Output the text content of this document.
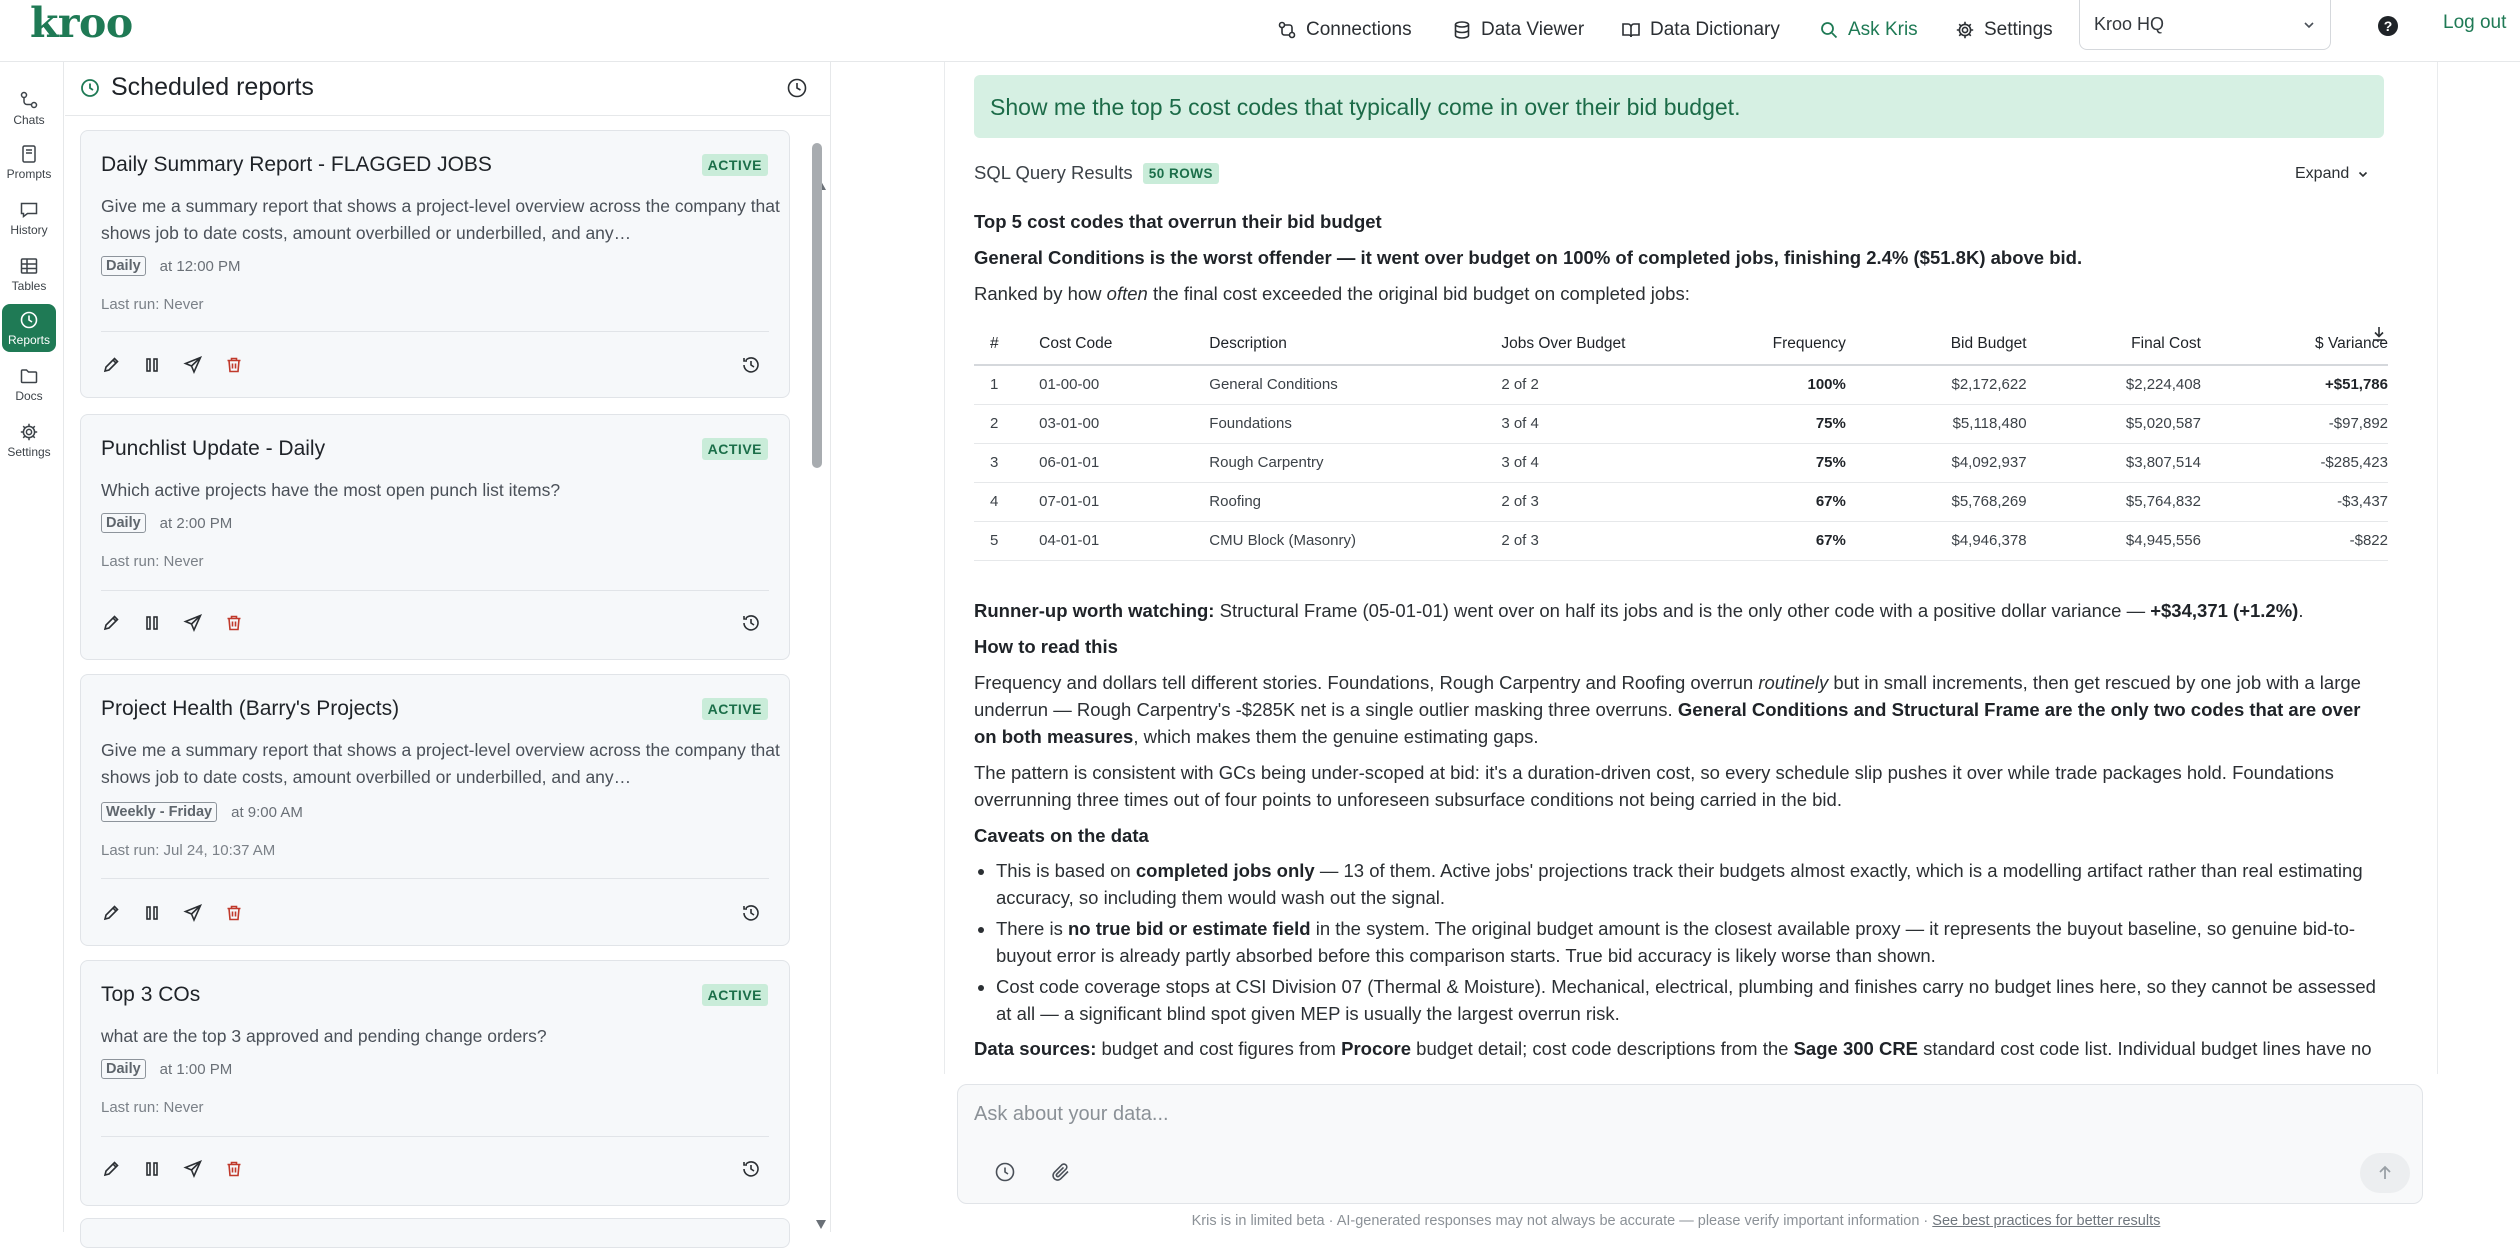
kroo	Connections	Data Viewer	Data Dictionary	Ask Kris	Settings Kroo HQ	?	Log out
Chats
Prompts
History
Tables
Reports
Docs
Settings
Scheduled reports
Daily Summary Report - FLAGGED JOBS	ACTIVE
Give me a summary report that shows a project-level overview across the company that shows job to date costs, amount overbilled or underbilled, and any…
Daily	at 12:00 PM
Last run: Never
Punchlist Update - Daily	ACTIVE
Which active projects have the most open punch list items?
Daily	at 2:00 PM
Last run: Never
Project Health (Barry's Projects)	ACTIVE
Give me a summary report that shows a project-level overview across the company that shows job to date costs, amount overbilled or underbilled, and any…
Weekly - Friday	at 9:00 AM
Last run: Jul 24, 10:37 AM
Top 3 COs	ACTIVE
what are the top 3 approved and pending change orders?
Daily	at 1:00 PM
Last run: Never
Show me the top 5 cost codes that typically come in over their bid budget.
SQL Query Results	50 ROWS	Expand
Top 5 cost codes that overrun their bid budget
General Conditions is the worst offender — it went over budget on 100% of completed jobs, finishing 2.4% ($51.8K) above bid.
Ranked by how often the final cost exceeded the original bid budget on completed jobs:
#	Cost Code	Description	Jobs Over Budget	Frequency	Bid Budget	Final Cost	$ Variance

1	01-00-00	General Conditions	2 of 2	100%	$2,172,622	$2,224,408	+$51,786
2	03-01-00	Foundations	3 of 4	75%	$5,118,480	$5,020,587	-$97,892
3	06-01-01	Rough Carpentry	3 of 4	75%	$4,092,937	$3,807,514	-$285,423
4	07-01-01	Roofing	2 of 3	67%	$5,768,269	$5,764,832	-$3,437
5	04-01-01	CMU Block (Masonry)	2 of 3	67%	$4,946,378	$4,945,556	-$822
Runner-up worth watching: Structural Frame (05-01-01) went over on half its jobs and is the only other code with a positive dollar variance — +$34,371 (+1.2%).
How to read this
Frequency and dollars tell different stories. Foundations, Rough Carpentry and Roofing overrun routinely but in small increments, then get rescued by one job with a large underrun — Rough Carpentry's -$285K net is a single outlier masking three overruns. General Conditions and Structural Frame are the only two codes that are over on both measures, which makes them the genuine estimating gaps.
The pattern is consistent with GCs being under-scoped at bid: it's a duration-driven cost, so every schedule slip pushes it over while trade packages hold. Foundations overrunning three times out of four points to unforeseen subsurface conditions not being carried in the bid.
Caveats on the data
• This is based on completed jobs only — 13 of them. Active jobs' projections track their budgets almost exactly, which is a modelling artifact rather than real estimating accuracy, so including them would wash out the signal.
• There is no true bid or estimate field in the system. The original budget amount is the closest available proxy — it represents the buyout baseline, so genuine bid-to-buyout error is already partly absorbed before this comparison starts. True bid accuracy is likely worse than shown.
• Cost code coverage stops at CSI Division 07 (Thermal & Moisture). Mechanical, electrical, plumbing and finishes carry no budget lines here, so they cannot be assessed at all — a significant blind spot given MEP is usually the largest overrun risk.
Data sources: budget and cost figures from Procore budget detail; cost code descriptions from the Sage 300 CRE standard cost code list. Individual budget lines have no
Ask about your data...
Kris is in limited beta · AI-generated responses may not always be accurate — please verify important information · See best practices for better results
